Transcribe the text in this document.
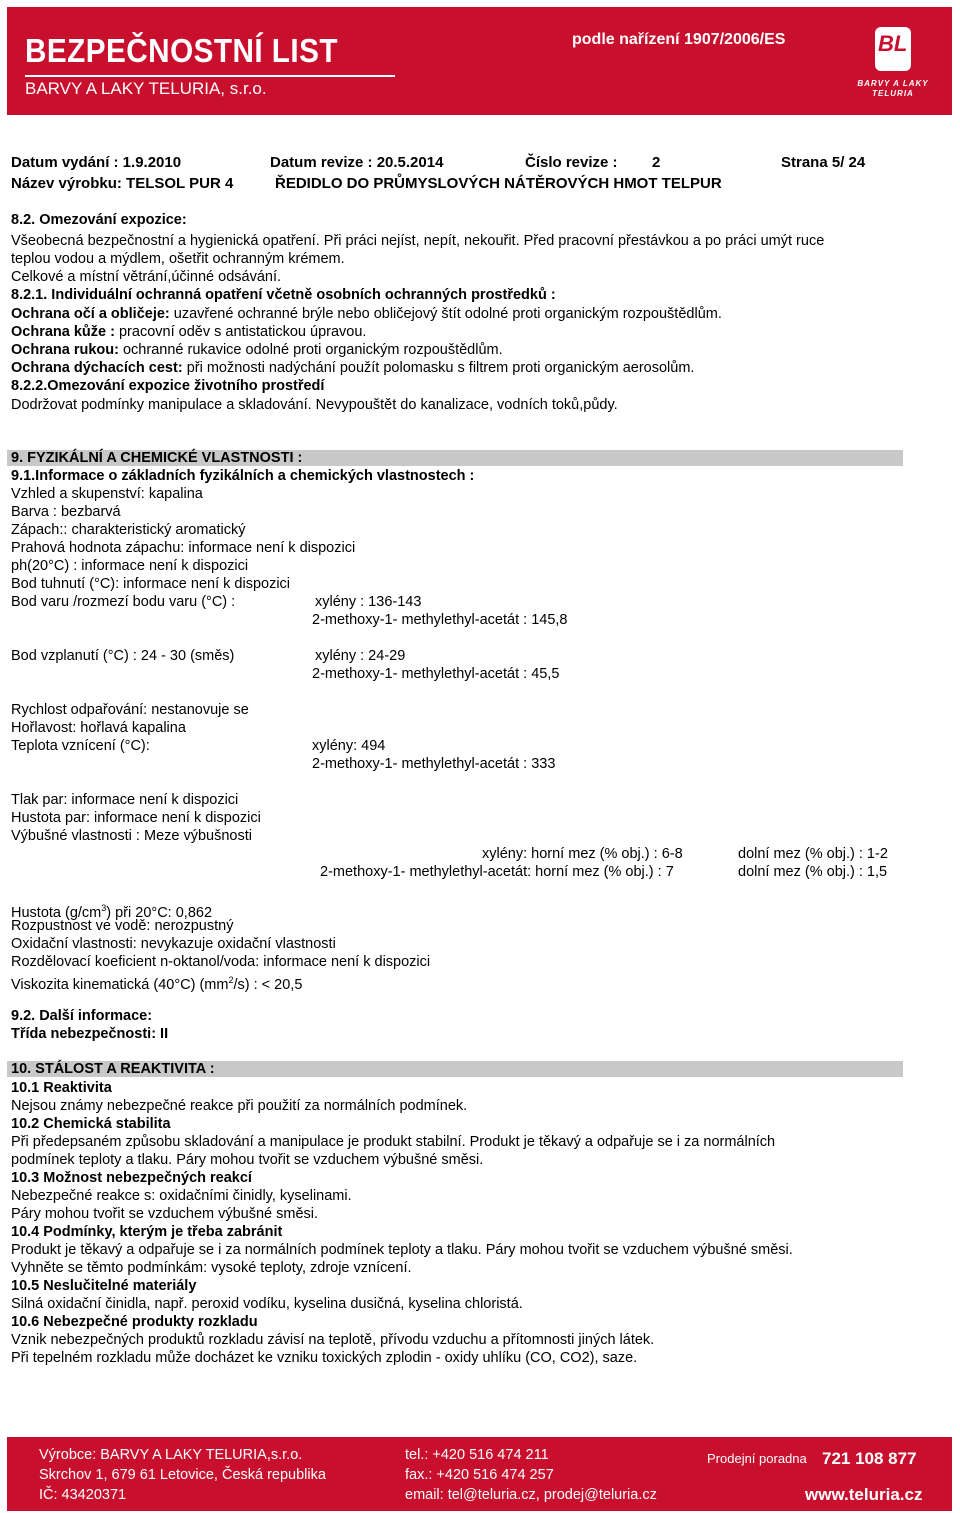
BEZPEČNOSTNÍ LIST
BARVY A LAKY TELURIA, s.r.o.
podle nařízení 1907/2006/ES	BL
BARVY A LAKY
TELURIA
Datum vydání : 1.9.2010	Datum revize : 20.5.2014	Číslo revize : 2	Strana 5/ 24
Název výrobku: TELSOL PUR 4	ŘEDIDLO DO PRŮMYSLOVÝCH NÁTĚROVÝCH HMOT TELPUR
8.2. Omezování expozice:
Všeobecná bezpečnostní a hygienická opatření. Při práci nejíst, nepít, nekouřit. Před pracovní přestávkou a po práci umýt ruce
teplou vodou a mýdlem, ošetřit ochranným krémem.
Celkové a místní větrání,účinné odsávání.
8.2.1. Individuální ochranná opatření včetně osobních ochranných prostředků :
Ochrana očí a obličeje: uzavřené ochranné brýle nebo obličejový štít odolné proti organickým rozpouštědlům.
Ochrana kůže : pracovní oděv s antistatickou úpravou.
Ochrana rukou: ochranné rukavice odolné proti organickým rozpouštědlům.
Ochrana dýchacích cest: při možnosti nadýchání použít polomasku s filtrem proti organickým aerosolům.
8.2.2.Omezování expozice životního prostředí
Dodržovat podmínky manipulace a skladování. Nevypouštět do kanalizace, vodních toků,půdy.
9. FYZIKÁLNÍ A CHEMICKÉ VLASTNOSTI :
9.1.Informace o základních fyzikálních a chemických vlastnostech :
Vzhled a skupenství: kapalina
Barva : bezbarvá
Zápach:: charakteristický aromatický
Prahová hodnota zápachu: informace není k dispozici
ph(20°C) : informace není k dispozici
Bod tuhnutí (°C): informace není k dispozici
Bod varu /rozmezí bodu varu (°C) :	xylény : 136-143
2-methoxy-1- methylethyl-acetát : 145,8
Bod vzplanutí (°C) : 24 - 30 (směs)	xylény : 24-29
2-methoxy-1- methylethyl-acetát : 45,5
Rychlost odpařování: nestanovuje se
Hořlavost: hořlavá kapalina
Teplota vznícení (°C):	xylény: 494
2-methoxy-1- methylethyl-acetát : 333
Tlak par: informace není k dispozici
Hustota par: informace není k dispozici
Výbušné vlastnosti : Meze výbušnosti
xylény: horní mez (% obj.) : 6-8	dolní mez (% obj.) : 1-2
2-methoxy-1- methylethyl-acetát: horní mez (% obj.) : 7	dolní mez (% obj.) : 1,5
Hustota $(g/cm^3)$ při 20°C: 0,862
Rozpustnost ve vodě: nerozpustný
Oxidační vlastnosti: nevykazuje oxidační vlastnosti
Rozdělovací koeficient n-oktanol/voda: informace není k dispozici
Viskozita kinematická (40°C) $(mm^2/s)$ : < 20,5
9.2. Další informace:
Třída nebezpečnosti: II
10. STÁLOST A REAKTIVITA :
10.1 Reaktivita
Nejsou známy nebezpečné reakce při použití za normálních podmínek.
10.2 Chemická stabilita
Při předepsaném způsobu skladování a manipulace je produkt stabilní. Produkt je těkavý a odpařuje se i za normálních
podmínek teploty a tlaku. Páry mohou tvořit se vzduchem výbušné směsi.
10.3 Možnost nebezpečných reakcí
Nebezpečné reakce s: oxidačními činidly, kyselinami.
Páry mohou tvořit se vzduchem výbušné směsi.
10.4 Podmínky, kterým je třeba zabránit
Produkt je těkavý a odpařuje se i za normálních podmínek teploty a tlaku. Páry mohou tvořit se vzduchem výbušné směsi.
Vyhněte se těmto podmínkám: vysoké teploty, zdroje vznícení.
10.5 Neslučitelné materiály
Silná oxidační činidla, např. peroxid vodíku, kyselina dusičná, kyselina chloristá.
10.6 Nebezpečné produkty rozkladu
Vznik nebezpečných produktů rozkladu závisí na teplotě, přívodu vzduchu a přítomnosti jiných látek.
Při tepelném rozkladu může docházet ke vzniku toxických zplodin - oxidy uhlíku (CO, CO2), saze.
Výrobce: BARVY A LAKY TELURIA,s.r.o.
Skrchov 1, 679 61 Letovice, Česká republika
IČ: 43420371
tel.: +420 516 474 211
fax.: +420 516 474 257
email: tel@teluria.cz, prodej@teluria.cz
Prodejní poradna 721 108 877
www.teluria.cz
